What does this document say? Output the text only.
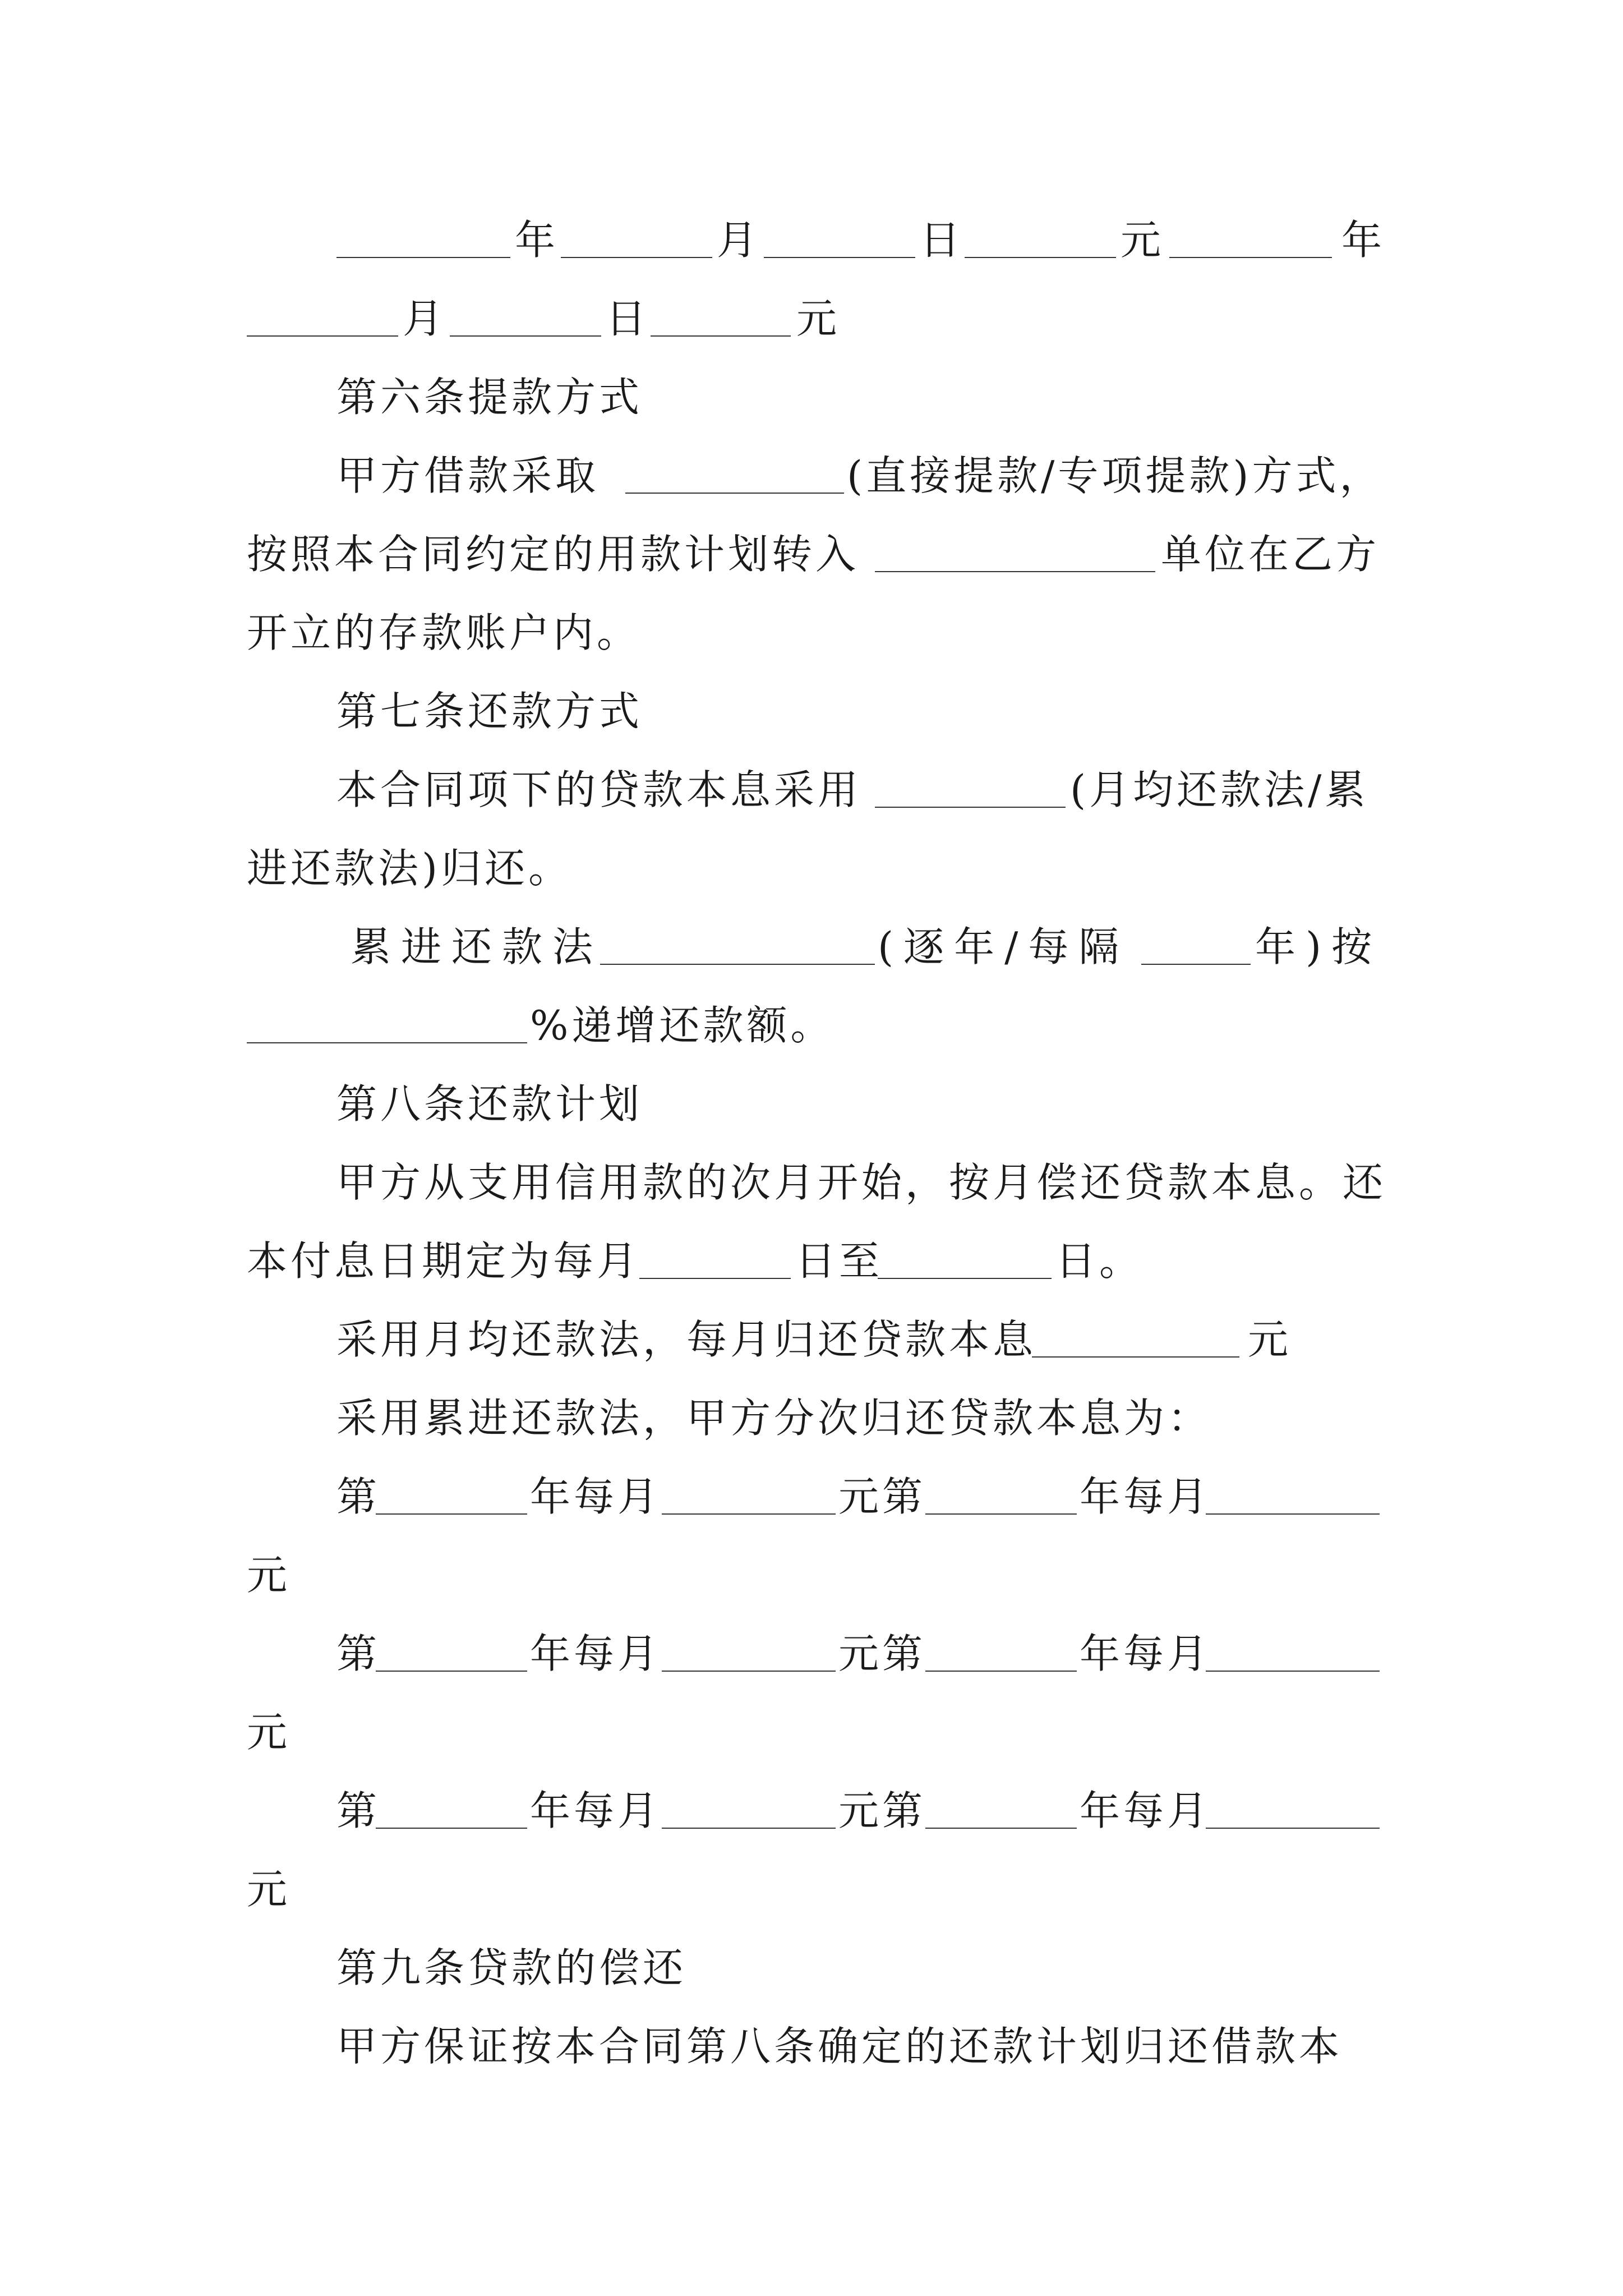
年	月	日	元	年
月	日	元
第六条提款方式
甲方借款采取	(直接提款/专项提款)方式，
按照本合同约定的用款计划转入	单位在乙方
开立的存款账户内。
第七条还款方式
本合同项下的贷款本息采用	(月均还款法/累
进还款法)归还。
累进还款法	(逐年/每隔	年)按
%递增还款额。
第八条还款计划
甲方从支用信用款的次月开始，按月偿还贷款本息。还
本付息日期定为每月	日至	日。
采用月均还款法，每月归还贷款本息	元
采用累进还款法，甲方分次归还贷款本息为：
第	年每月	元第	年每月
元
第	年每月	元第	年每月
元
第	年每月	元第	年每月
元
第九条贷款的偿还
甲方保证按本合同第八条确定的还款计划归还借款本
